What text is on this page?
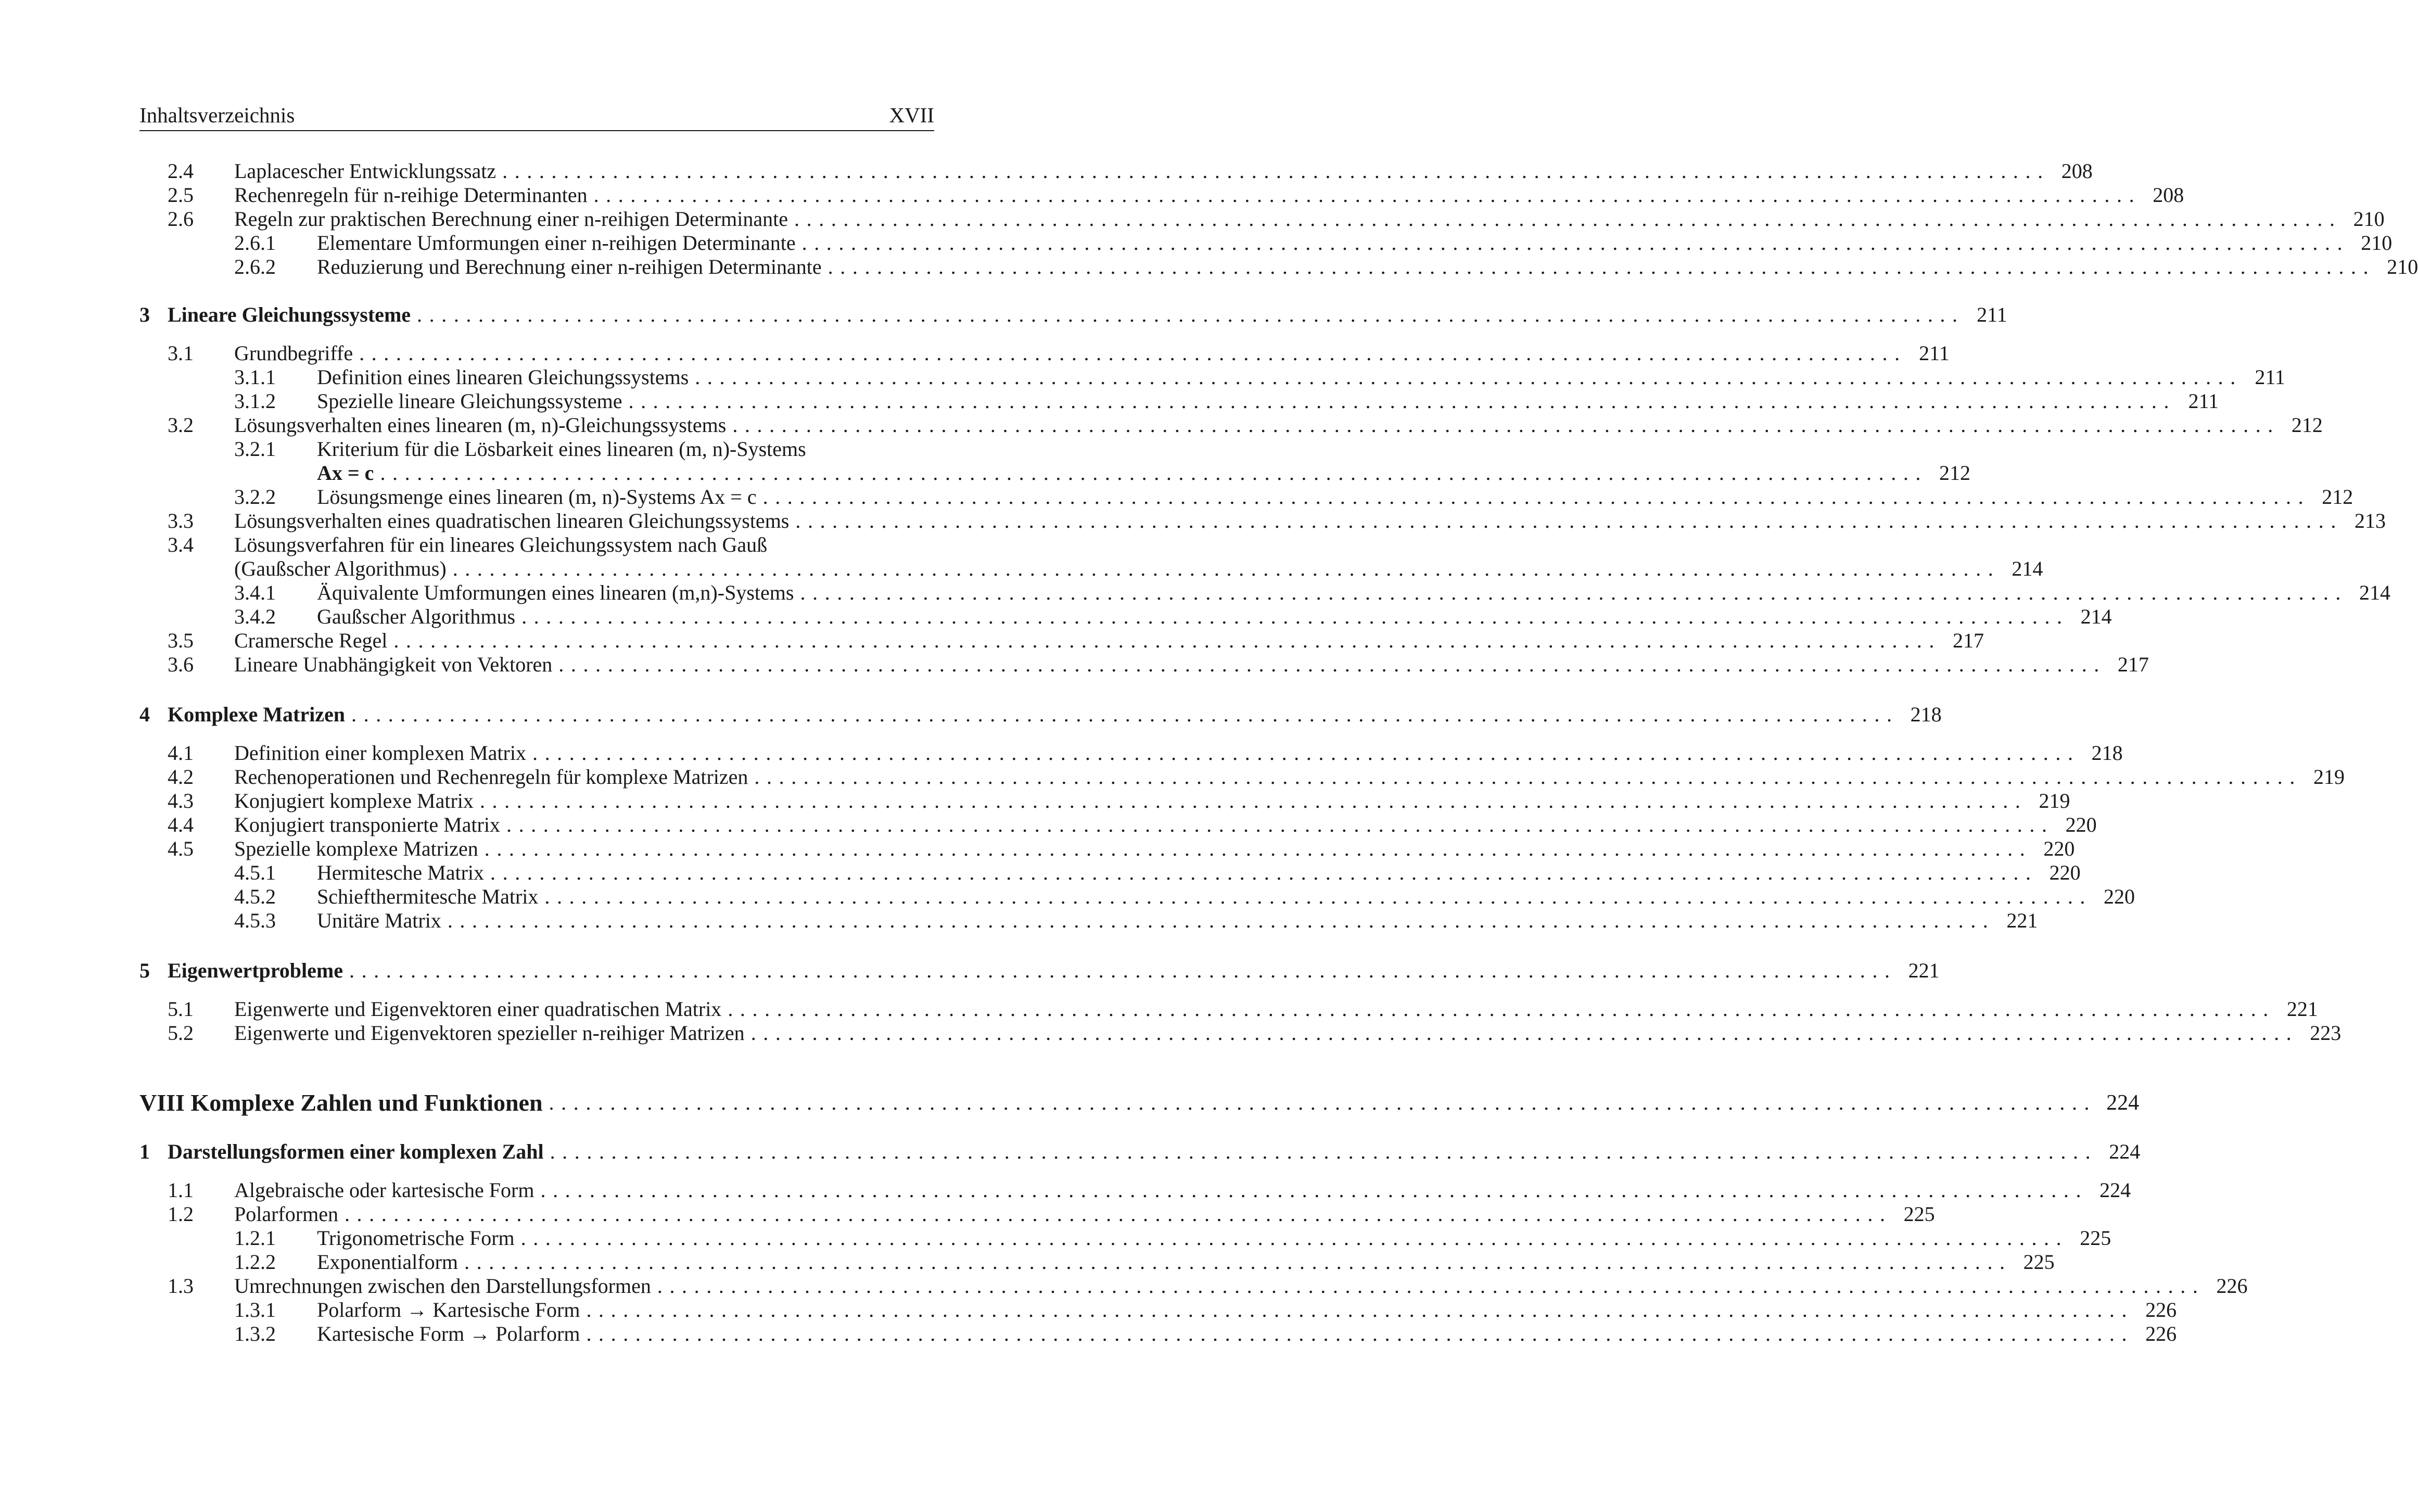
Inhaltsverzeichnis	XVII
2.4 Laplacescher Entwicklungssatz .............................................................................................................................. 208
2.5 Rechenregeln für n-reihige Determinanten .............................................................................................................................. 208
2.6 Regeln zur praktischen Berechnung einer n-reihigen Determinante .............................................................................................................................. 210
2.6.1 Elementare Umformungen einer n-reihigen Determinante .............................................................................................................................. 210
2.6.2 Reduzierung und Berechnung einer n-reihigen Determinante .............................................................................................................................. 210
3 Lineare Gleichungssysteme .............................................................................................................................. 211
3.1 Grundbegriffe .............................................................................................................................. 211
3.1.1 Definition eines linearen Gleichungssystems .............................................................................................................................. 211
3.1.2 Spezielle lineare Gleichungssysteme .............................................................................................................................. 211
3.2 Lösungsverhalten eines linearen (m, n)-Gleichungssystems .............................................................................................................................. 212
3.2.1 Kriterium für die Lösbarkeit eines linearen (m, n)-Systems
Ax = c .............................................................................................................................. 212
3.2.2 Lösungsmenge eines linearen (m, n)-Systems Ax = c .............................................................................................................................. 212
3.3 Lösungsverhalten eines quadratischen linearen Gleichungssystems .............................................................................................................................. 213
3.4 Lösungsverfahren für ein lineares Gleichungssystem nach Gauß
(Gaußscher Algorithmus) .............................................................................................................................. 214
3.4.1 Äquivalente Umformungen eines linearen (m,n)-Systems .............................................................................................................................. 214
3.4.2 Gaußscher Algorithmus .............................................................................................................................. 214
3.5 Cramersche Regel .............................................................................................................................. 217
3.6 Lineare Unabhängigkeit von Vektoren .............................................................................................................................. 217
4 Komplexe Matrizen .............................................................................................................................. 218
4.1 Definition einer komplexen Matrix .............................................................................................................................. 218
4.2 Rechenoperationen und Rechenregeln für komplexe Matrizen .............................................................................................................................. 219
4.3 Konjugiert komplexe Matrix .............................................................................................................................. 219
4.4 Konjugiert transponierte Matrix .............................................................................................................................. 220
4.5 Spezielle komplexe Matrizen .............................................................................................................................. 220
4.5.1 Hermitesche Matrix .............................................................................................................................. 220
4.5.2 Schiefthermitesche Matrix .............................................................................................................................. 220
4.5.3 Unitäre Matrix .............................................................................................................................. 221
5 Eigenwertprobleme .............................................................................................................................. 221
5.1 Eigenwerte und Eigenvektoren einer quadratischen Matrix .............................................................................................................................. 221
5.2 Eigenwerte und Eigenvektoren spezieller n-reihiger Matrizen .............................................................................................................................. 223
VIII Komplexe Zahlen und Funktionen .............................................................................................................................. 224
1 Darstellungsformen einer komplexen Zahl .............................................................................................................................. 224
1.1 Algebraische oder kartesische Form .............................................................................................................................. 224
1.2 Polarformen .............................................................................................................................. 225
1.2.1 Trigonometrische Form .............................................................................................................................. 225
1.2.2 Exponentialform .............................................................................................................................. 225
1.3 Umrechnungen zwischen den Darstellungsformen .............................................................................................................................. 226
1.3.1 Polarform → Kartesische Form .............................................................................................................................. 226
1.3.2 Kartesische Form → Polarform .............................................................................................................................. 226
